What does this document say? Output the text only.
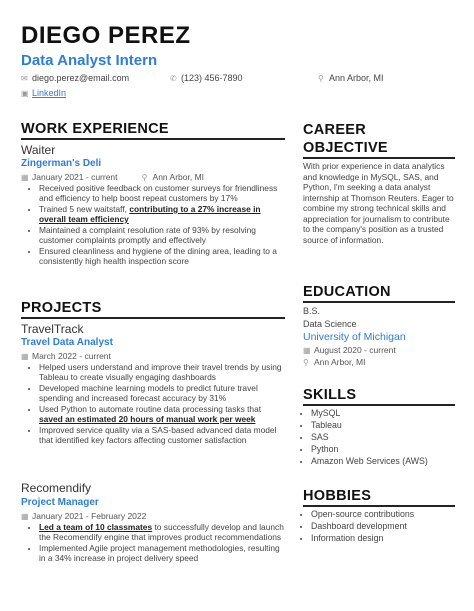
DIEGO PEREZ
Data Analyst Intern
✉ diego.perez@email.com	✆ (123) 456-7890	⚲ Ann Arbor, MI
▣ LinkedIn
WORK EXPERIENCE
Waiter
Zingerman's Deli
▦ January 2021 - current	⚲ Ann Arbor, MI
• Received positive feedback on customer surveys for friendliness and efficiency to help boost repeat customers by 17%
• Trained 5 new waitstaff, contributing to a 27% increase in overall team efficiency
• Maintained a complaint resolution rate of 93% by resolving customer complaints promptly and effectively
• Ensured cleanliness and hygiene of the dining area, leading to a consistently high health inspection score
PROJECTS
TravelTrack
Travel Data Analyst
▦ March 2022 - current
• Helped users understand and improve their travel trends by using Tableau to create visually engaging dashboards
• Developed machine learning models to predict future travel spending and increased forecast accuracy by 31%
• Used Python to automate routine data processing tasks that saved an estimated 20 hours of manual work per week
• Improved service quality via a SAS-based advanced data model that identified key factors affecting customer satisfaction
Recomendify
Project Manager
▦ January 2021 - February 2022
• Led a team of 10 classmates to successfully develop and launch the Recomendify engine that improves product recommendations
• Implemented Agile project management methodologies, resulting in a 34% increase in project delivery speed
CAREER
OBJECTIVE
With prior experience in data analytics and knowledge in MySQL, SAS, and Python, I'm seeking a data analyst internship at Thomson Reuters. Eager to combine my strong technical skills and appreciation for journalism to contribute to the company's position as a trusted source of information.
EDUCATION
B.S.
Data Science
University of Michigan
▦ August 2020 - current
⚲ Ann Arbor, MI
SKILLS
• MySQL
• Tableau
• SAS
• Python
• Amazon Web Services (AWS)
HOBBIES
• Open-source contributions
• Dashboard development
• Information design
